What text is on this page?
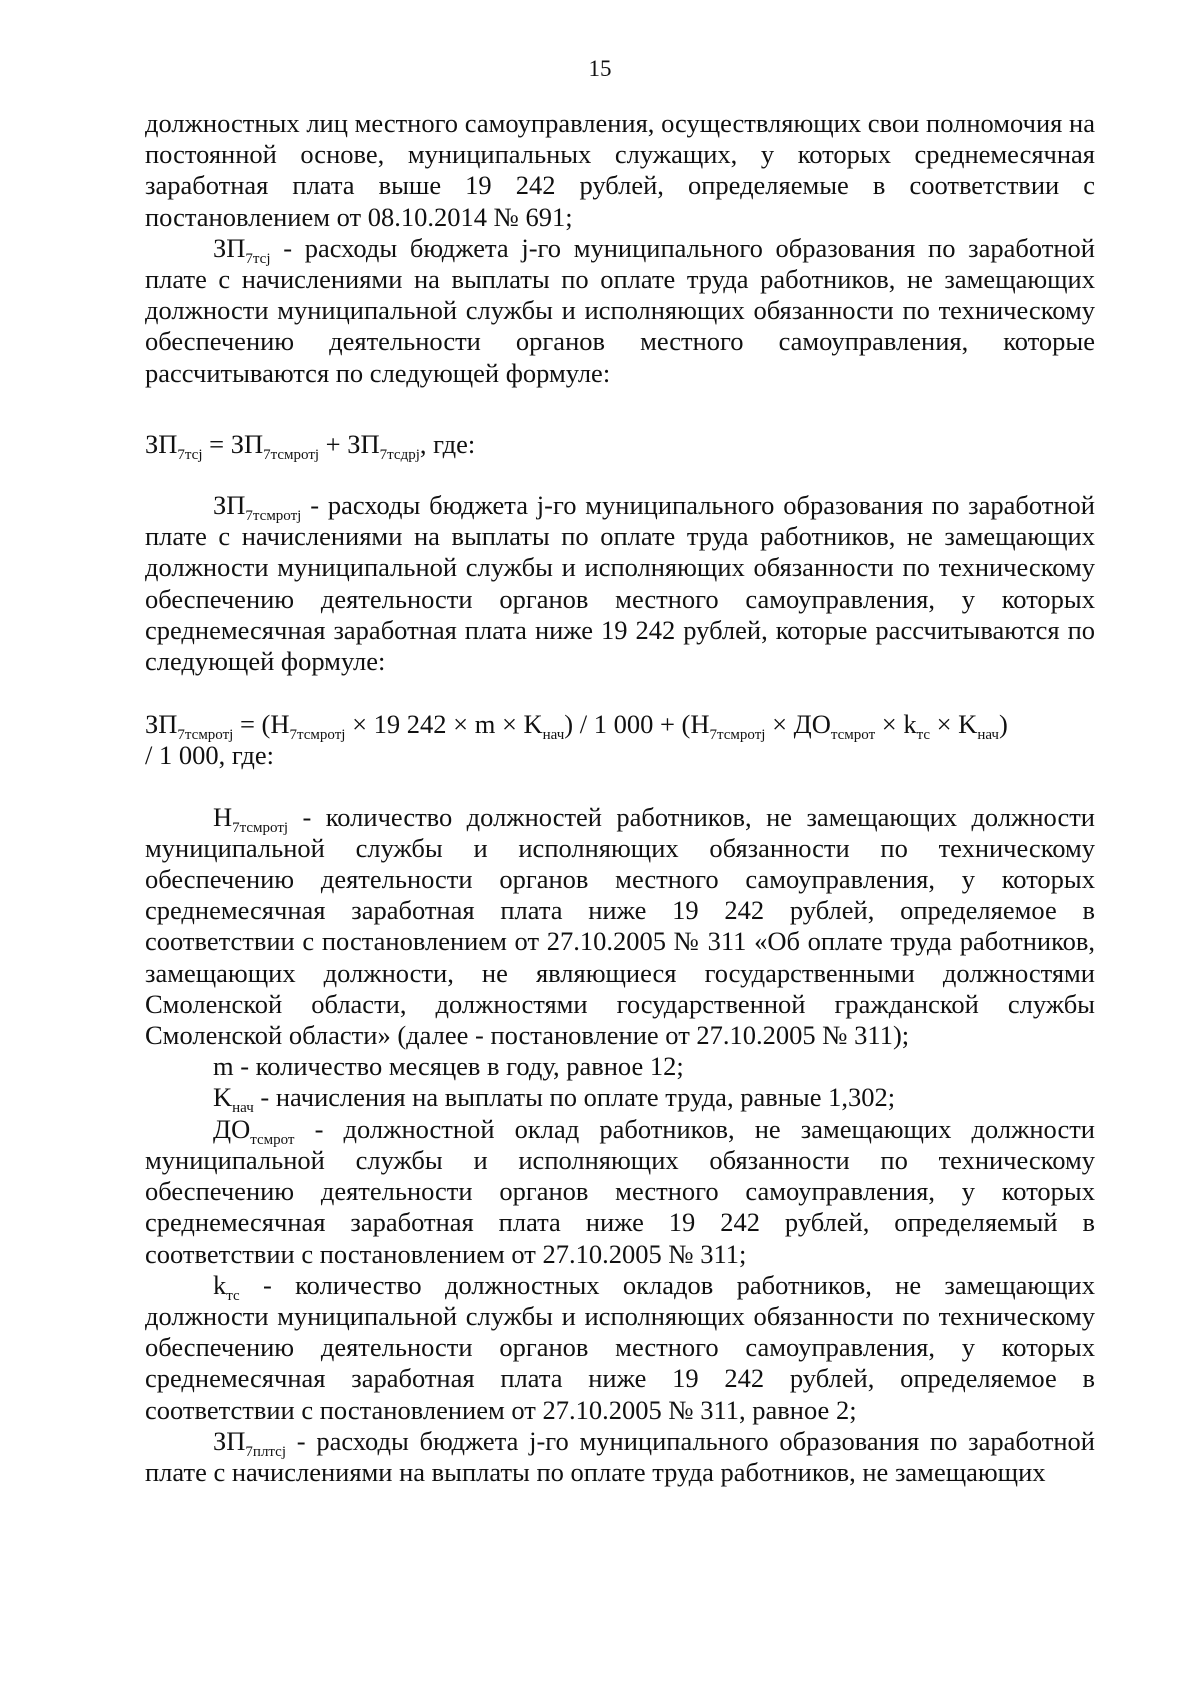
15

должностных лиц местного самоуправления, осуществляющих свои полномочия на постоянной основе, муниципальных служащих, у которых среднемесячная заработная плата выше 19 242 рублей, определяемые в соответствии с постановлением от 08.10.2014 № 691;

$ЗП_{7тсj}$ - расходы бюджета j-го муниципального образования по заработной плате с начислениями на выплаты по оплате труда работников, не замещающих должности муниципальной службы и исполняющих обязанности по техническому обеспечению деятельности органов местного самоуправления, которые рассчитываются по следующей формуле:

$ЗП_{7тсj} = ЗП_{7тсмротj} + ЗП_{7тсдрj}$, где:

$ЗП_{7тсмротj}$ - расходы бюджета j-го муниципального образования по заработной плате с начислениями на выплаты по оплате труда работников, не замещающих должности муниципальной службы и исполняющих обязанности по техническому обеспечению деятельности органов местного самоуправления, у которых среднемесячная заработная плата ниже 19 242 рублей, которые рассчитываются по следующей формуле:

$ЗП_{7тсмротj} = (Н_{7тсмротj} \times 19$ $242 \times m \times K_{нач}) / 1$ $000 + (Н_{7тсмротj} \times ДО_{тсмрот} \times k_{тс} \times K_{нач})$
/ 1 000, где:

$Н_{7тсмротj}$ - количество должностей работников, не замещающих должности муниципальной службы и исполняющих обязанности по техническому обеспечению деятельности органов местного самоуправления, у которых среднемесячная заработная плата ниже 19 242 рублей, определяемое в соответствии с постановлением от 27.10.2005 № 311 «Об оплате труда работников, замещающих должности, не являющиеся государственными должностями Смоленской области, должностями государственной гражданской службы Смоленской области» (далее - постановление от 27.10.2005 № 311);

m - количество месяцев в году, равное 12;

$K_{нач}$ - начисления на выплаты по оплате труда, равные 1,302;

$ДО_{тсмрот}$ - должностной оклад работников, не замещающих должности муниципальной службы и исполняющих обязанности по техническому обеспечению деятельности органов местного самоуправления, у которых среднемесячная заработная плата ниже 19 242 рублей, определяемый в соответствии с постановлением от 27.10.2005 № 311;

$k_{тс}$ - количество должностных окладов работников, не замещающих должности муниципальной службы и исполняющих обязанности по техническому обеспечению деятельности органов местного самоуправления, у которых среднемесячная заработная плата ниже 19 242 рублей, определяемое в соответствии с постановлением от 27.10.2005 № 311, равное 2;

$ЗП_{7плтсj}$ - расходы бюджета j-го муниципального образования по заработной плате с начислениями на выплаты по оплате труда работников, не замещающих
